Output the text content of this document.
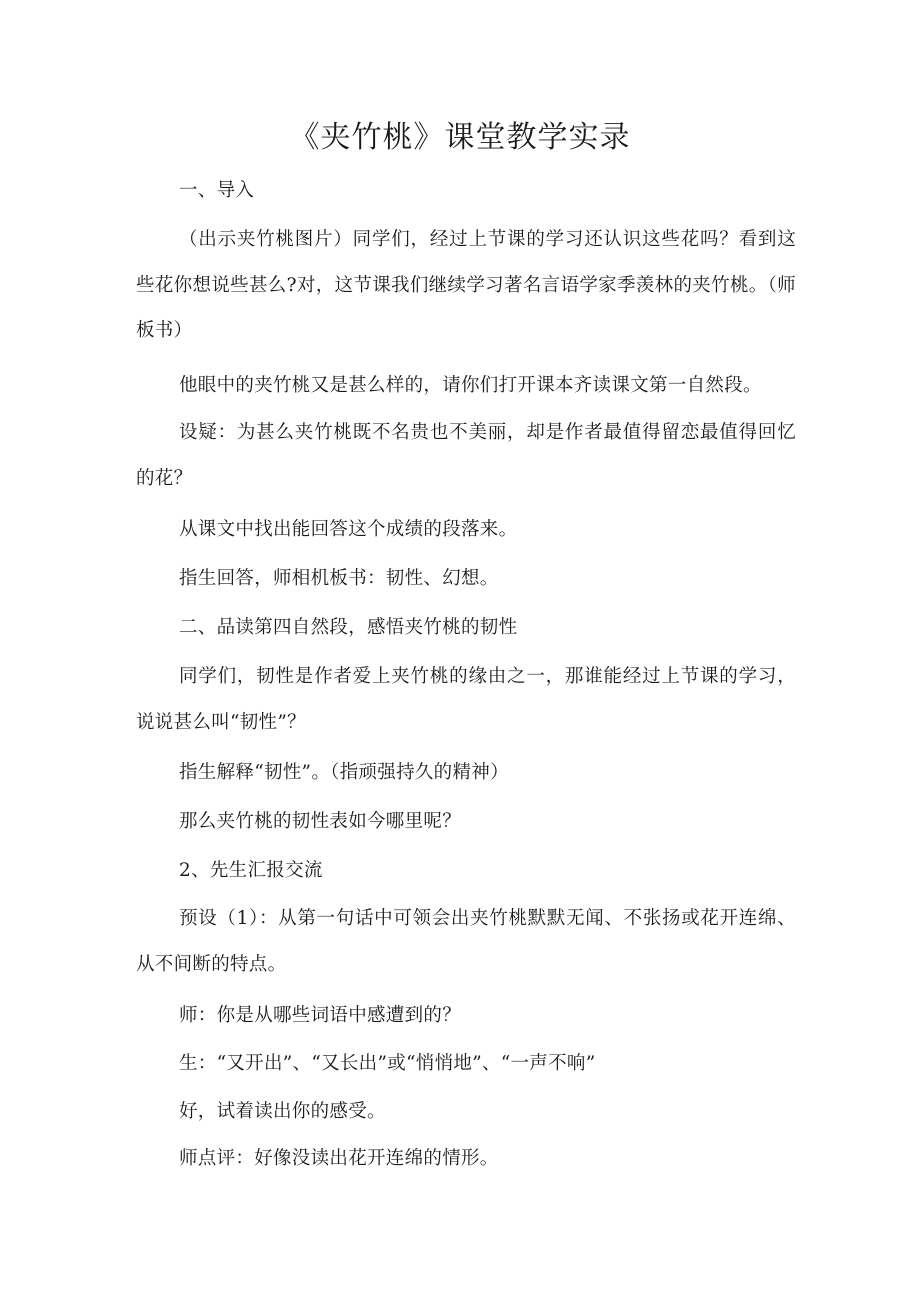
《夹竹桃》课堂教学实录

一、导入

（出示夹竹桃图片）同学们，经过上节课的学习还认识这些花吗？看到这些花你想说些甚么?对，这节课我们继续学习著名言语学家季羡林的夹竹桃。（师板书）

他眼中的夹竹桃又是甚么样的，请你们打开课本齐读课文第一自然段。

设疑：为甚么夹竹桃既不名贵也不美丽，却是作者最值得留恋最值得回忆的花？

从课文中找出能回答这个成绩的段落来。

指生回答，师相机板书：韧性、幻想。

二、品读第四自然段，感悟夹竹桃的韧性

同学们，韧性是作者爱上夹竹桃的缘由之一，那谁能经过上节课的学习，说说甚么叫“韧性”？

指生解释“韧性”。（指顽强持久的精神）

那么夹竹桃的韧性表如今哪里呢？

2、先生汇报交流

预设（1）：从第一句话中可领会出夹竹桃默默无闻、不张扬或花开连绵、从不间断的特点。

师：你是从哪些词语中感遭到的？

生：“又开出”、“又长出”或“悄悄地”、“一声不响”

好，试着读出你的感受。

师点评：好像没读出花开连绵的情形。
